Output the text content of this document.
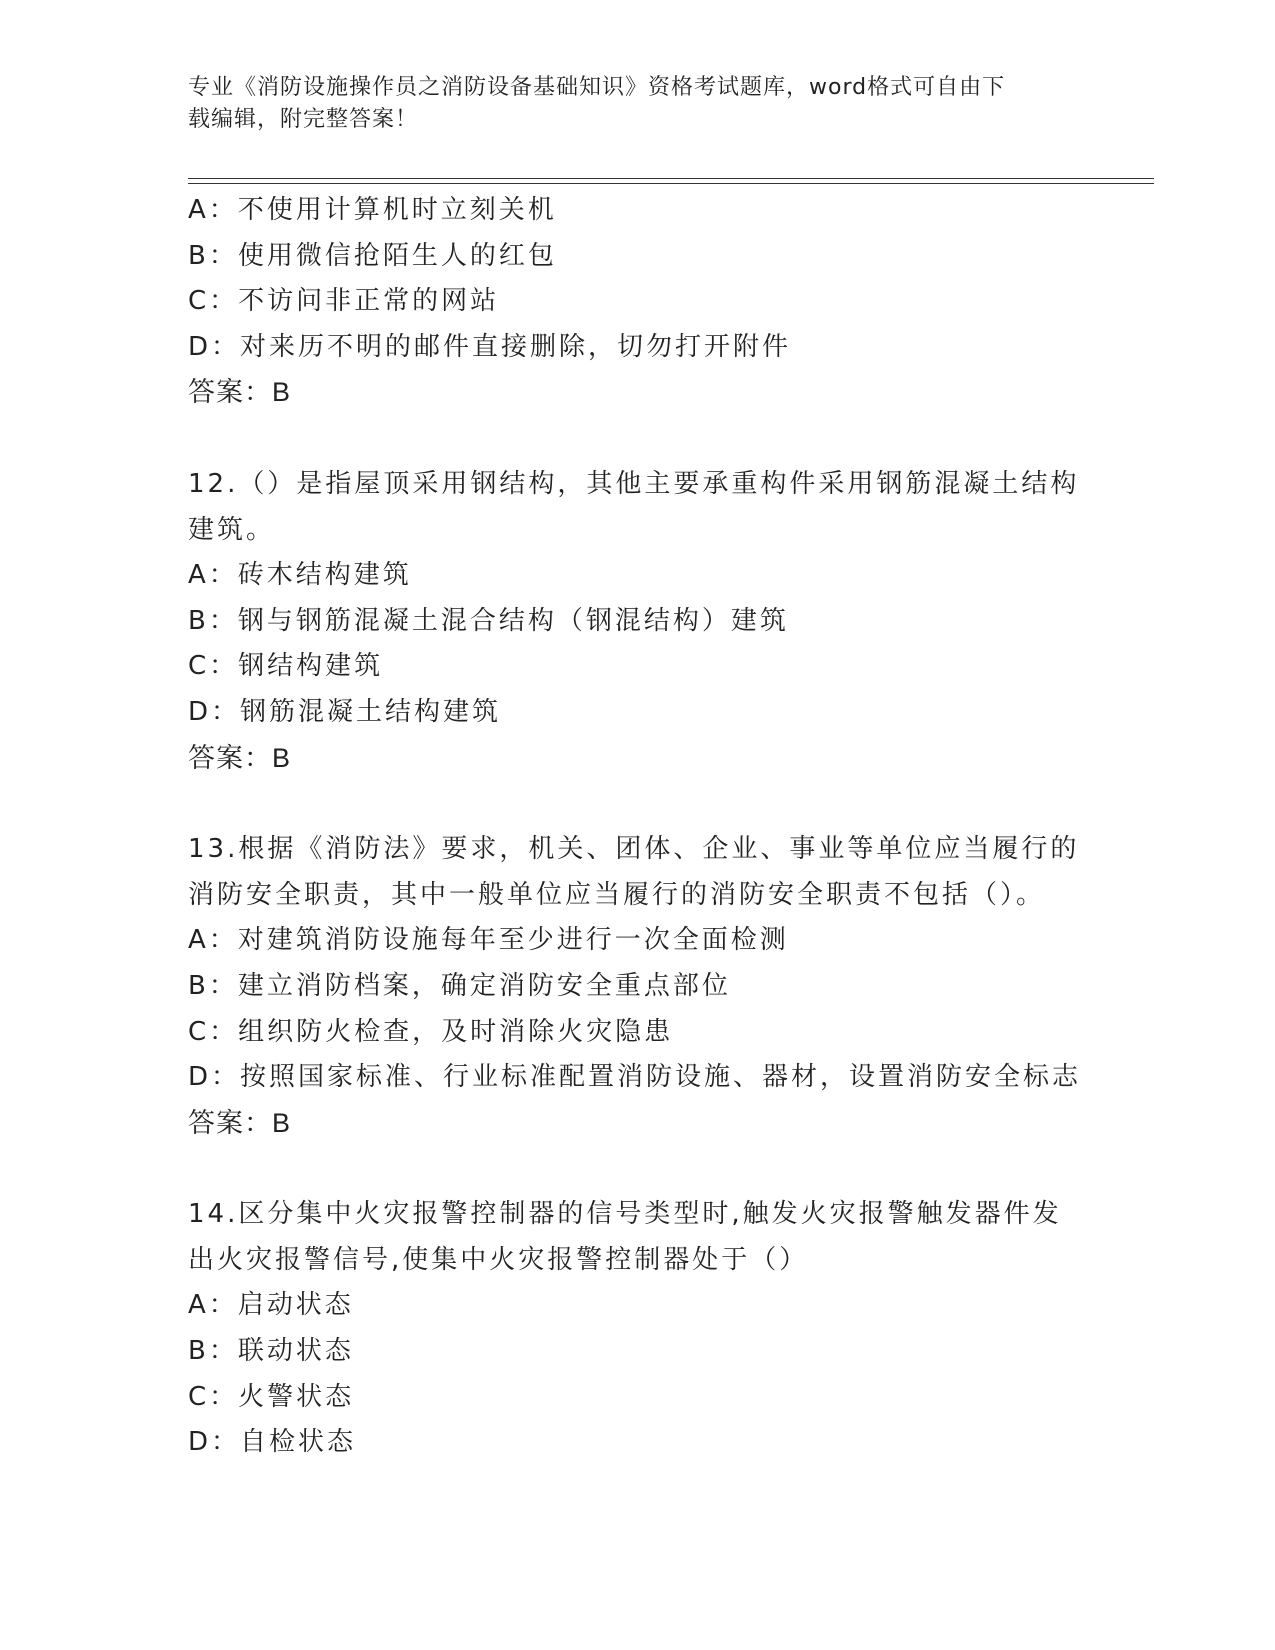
专业《消防设施操作员之消防设备基础知识》资格考试题库，word格式可自由下
载编辑，附完整答案！
A：不使用计算机时立刻关机
B：使用微信抢陌生人的红包
C：不访问非正常的网站
D：对来历不明的邮件直接删除，切勿打开附件
答案：B
12.（）是指屋顶采用钢结构，其他主要承重构件采用钢筋混凝土结构
建筑。
A：砖木结构建筑
B：钢与钢筋混凝土混合结构（钢混结构）建筑
C：钢结构建筑
D：钢筋混凝土结构建筑
答案：B
13.根据《消防法》要求，机关、团体、企业、事业等单位应当履行的
消防安全职责，其中一般单位应当履行的消防安全职责不包括（）。
A：对建筑消防设施每年至少进行一次全面检测
B：建立消防档案，确定消防安全重点部位
C：组织防火检查，及时消除火灾隐患
D：按照国家标准、行业标准配置消防设施、器材，设置消防安全标志
答案：B
14.区分集中火灾报警控制器的信号类型时,触发火灾报警触发器件发
出火灾报警信号,使集中火灾报警控制器处于（）
A：启动状态
B：联动状态
C：火警状态
D：自检状态
